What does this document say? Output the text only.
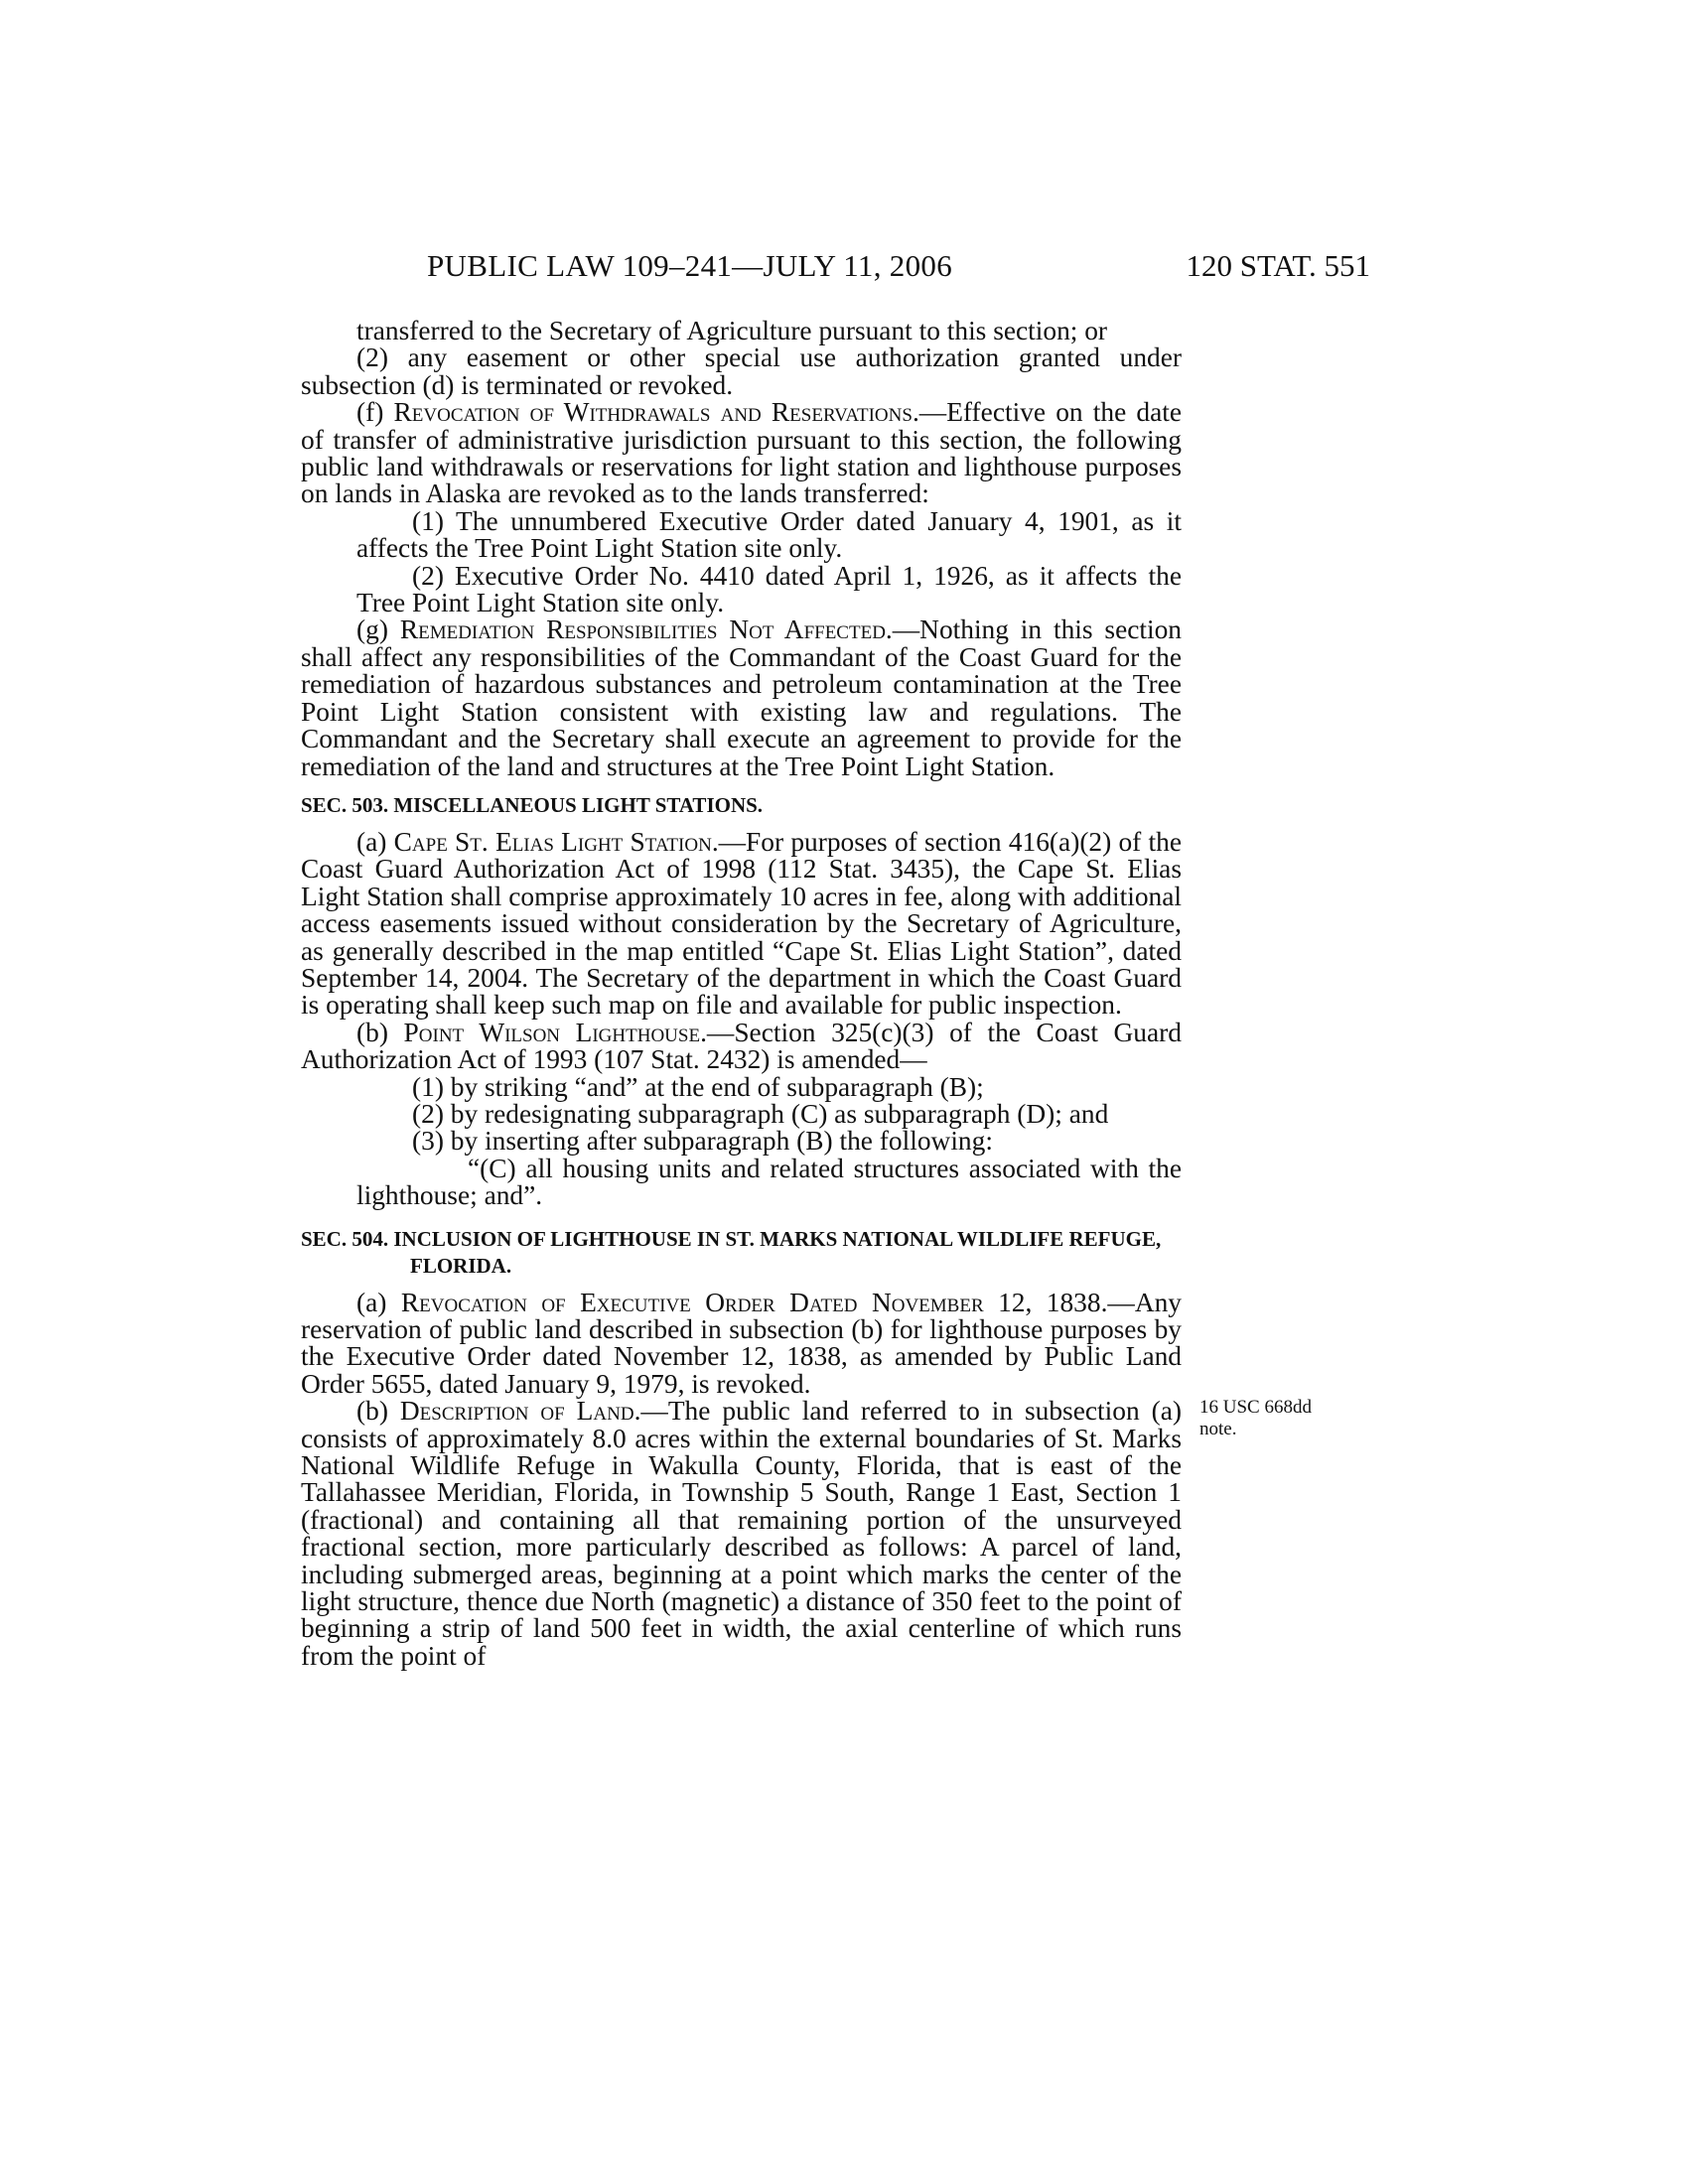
PUBLIC LAW 109–241—JULY 11, 2006	120 STAT. 551
16 USC 668dd
note.

transferred to the Secretary of Agriculture pursuant to this section; or

(2) any easement or other special use authorization granted under subsection (d) is terminated or revoked.

(f) Revocation of Withdrawals and Reservations.—Effective on the date of transfer of administrative jurisdiction pursuant to this section, the following public land withdrawals or reservations for light station and lighthouse purposes on lands in Alaska are revoked as to the lands transferred:

(1) The unnumbered Executive Order dated January 4, 1901, as it affects the Tree Point Light Station site only.

(2) Executive Order No. 4410 dated April 1, 1926, as it affects the Tree Point Light Station site only.

(g) Remediation Responsibilities Not Affected.—Nothing in this section shall affect any responsibilities of the Commandant of the Coast Guard for the remediation of hazardous substances and petroleum contamination at the Tree Point Light Station consistent with existing law and regulations. The Commandant and the Secretary shall execute an agreement to provide for the remediation of the land and structures at the Tree Point Light Station.

SEC. 503. MISCELLANEOUS LIGHT STATIONS.

(a) Cape St. Elias Light Station.—For purposes of section 416(a)(2) of the Coast Guard Authorization Act of 1998 (112 Stat. 3435), the Cape St. Elias Light Station shall comprise approximately 10 acres in fee, along with additional access easements issued without consideration by the Secretary of Agriculture, as generally described in the map entitled “Cape St. Elias Light Station”, dated September 14, 2004. The Secretary of the department in which the Coast Guard is operating shall keep such map on file and available for public inspection.

(b) Point Wilson Lighthouse.—Section 325(c)(3) of the Coast Guard Authorization Act of 1993 (107 Stat. 2432) is amended—

(1) by striking “and” at the end of subparagraph (B);

(2) by redesignating subparagraph (C) as subparagraph (D); and

(3) by inserting after subparagraph (B) the following:

“(C) all housing units and related structures associated with the lighthouse; and”.

SEC. 504. INCLUSION OF LIGHTHOUSE IN ST. MARKS NATIONAL WILDLIFE REFUGE, FLORIDA.

(a) Revocation of Executive Order Dated November 12, 1838.—Any reservation of public land described in subsection (b) for lighthouse purposes by the Executive Order dated November 12, 1838, as amended by Public Land Order 5655, dated January 9, 1979, is revoked.

(b) Description of Land.—The public land referred to in subsection (a) consists of approximately 8.0 acres within the external boundaries of St. Marks National Wildlife Refuge in Wakulla County, Florida, that is east of the Tallahassee Meridian, Florida, in Township 5 South, Range 1 East, Section 1 (fractional) and containing all that remaining portion of the unsurveyed fractional section, more particularly described as follows: A parcel of land, including submerged areas, beginning at a point which marks the center of the light structure, thence due North (magnetic) a distance of 350 feet to the point of beginning a strip of land 500 feet in width, the axial centerline of which runs from the point of
